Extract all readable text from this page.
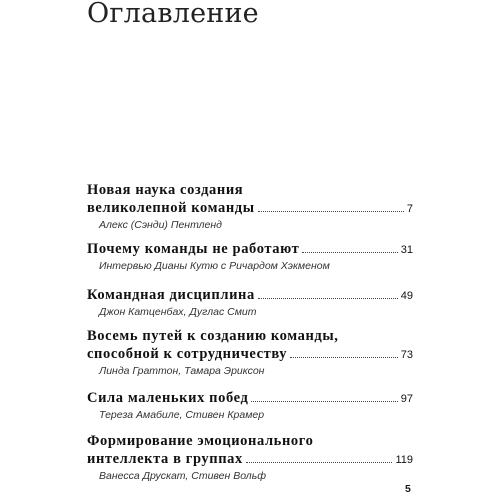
Оглавление
Новая наука создания
великолепной команды	7
Алекс (Сэнди) Пентленд
Почему команды не работают	31
Интервью Дианы Кутю с Ричардом Хэкменом
Командная дисциплина	49
Джон Катценбах, Дуглас Смит
Восемь путей к созданию команды,
способной к сотрудничеству	73
Линда Граттон, Тамара Эриксон
Сила маленьких побед	97
Тереза Амабиле, Стивен Крамер
Формирование эмоционального
интеллекта в группах	119
Ванесса Друскат, Стивен Вольф
5
